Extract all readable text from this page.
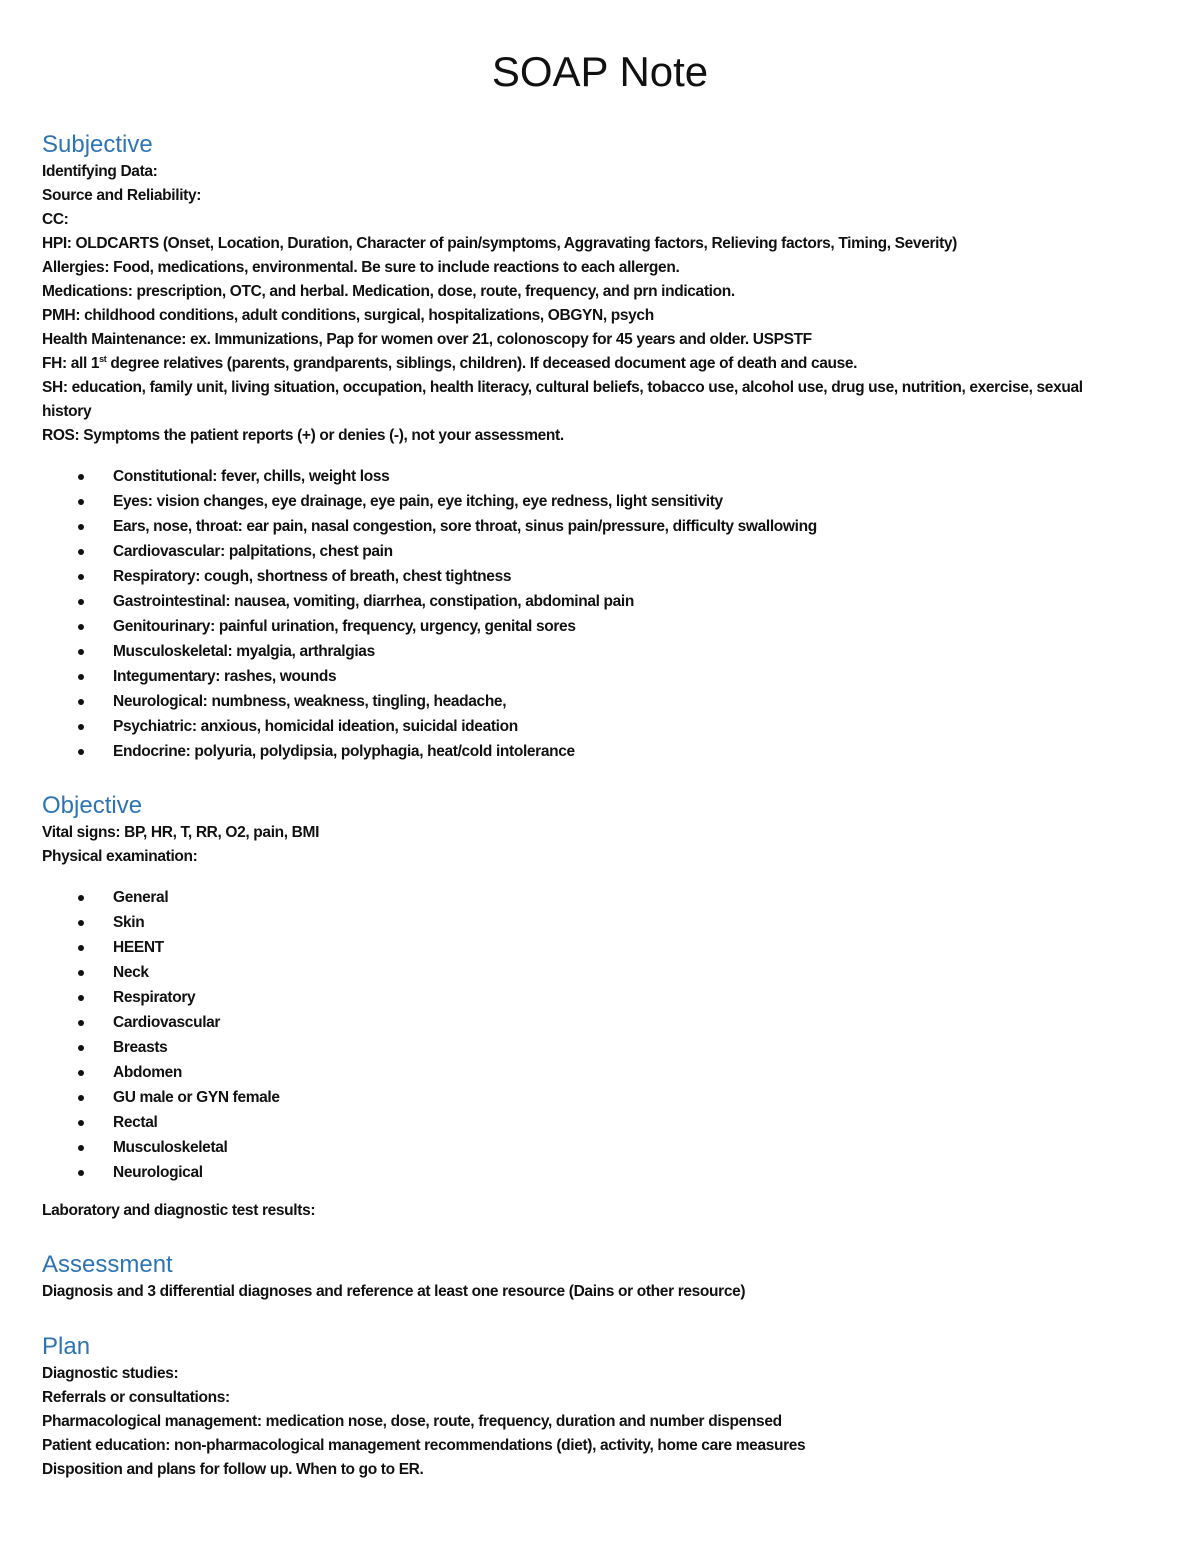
SOAP Note
Subjective
Identifying Data:
Source and Reliability:
CC:
HPI: OLDCARTS (Onset, Location, Duration, Character of pain/symptoms, Aggravating factors, Relieving factors, Timing, Severity)
Allergies: Food, medications, environmental. Be sure to include reactions to each allergen.
Medications: prescription, OTC, and herbal. Medication, dose, route, frequency, and prn indication.
PMH: childhood conditions, adult conditions, surgical, hospitalizations, OBGYN, psych
Health Maintenance: ex. Immunizations, Pap for women over 21, colonoscopy for 45 years and older. USPSTF
FH: all 1st degree relatives (parents, grandparents, siblings, children). If deceased document age of death and cause.
SH: education, family unit, living situation, occupation, health literacy, cultural beliefs, tobacco use, alcohol use, drug use, nutrition, exercise, sexual history
ROS: Symptoms the patient reports (+) or denies (-), not your assessment.
Constitutional: fever, chills, weight loss
Eyes: vision changes, eye drainage, eye pain, eye itching, eye redness, light sensitivity
Ears, nose, throat: ear pain, nasal congestion, sore throat, sinus pain/pressure, difficulty swallowing
Cardiovascular: palpitations, chest pain
Respiratory: cough, shortness of breath, chest tightness
Gastrointestinal: nausea, vomiting, diarrhea, constipation, abdominal pain
Genitourinary: painful urination, frequency, urgency, genital sores
Musculoskeletal: myalgia, arthralgias
Integumentary: rashes, wounds
Neurological: numbness, weakness, tingling, headache,
Psychiatric: anxious, homicidal ideation, suicidal ideation
Endocrine: polyuria, polydipsia, polyphagia, heat/cold intolerance
Objective
Vital signs: BP, HR, T, RR, O2, pain, BMI
Physical examination:
General
Skin
HEENT
Neck
Respiratory
Cardiovascular
Breasts
Abdomen
GU male or GYN female
Rectal
Musculoskeletal
Neurological
Laboratory and diagnostic test results:
Assessment
Diagnosis and 3 differential diagnoses and reference at least one resource (Dains or other resource)
Plan
Diagnostic studies:
Referrals or consultations:
Pharmacological management: medication nose, dose, route, frequency, duration and number dispensed
Patient education: non-pharmacological management recommendations (diet), activity, home care measures
Disposition and plans for follow up. When to go to ER.
